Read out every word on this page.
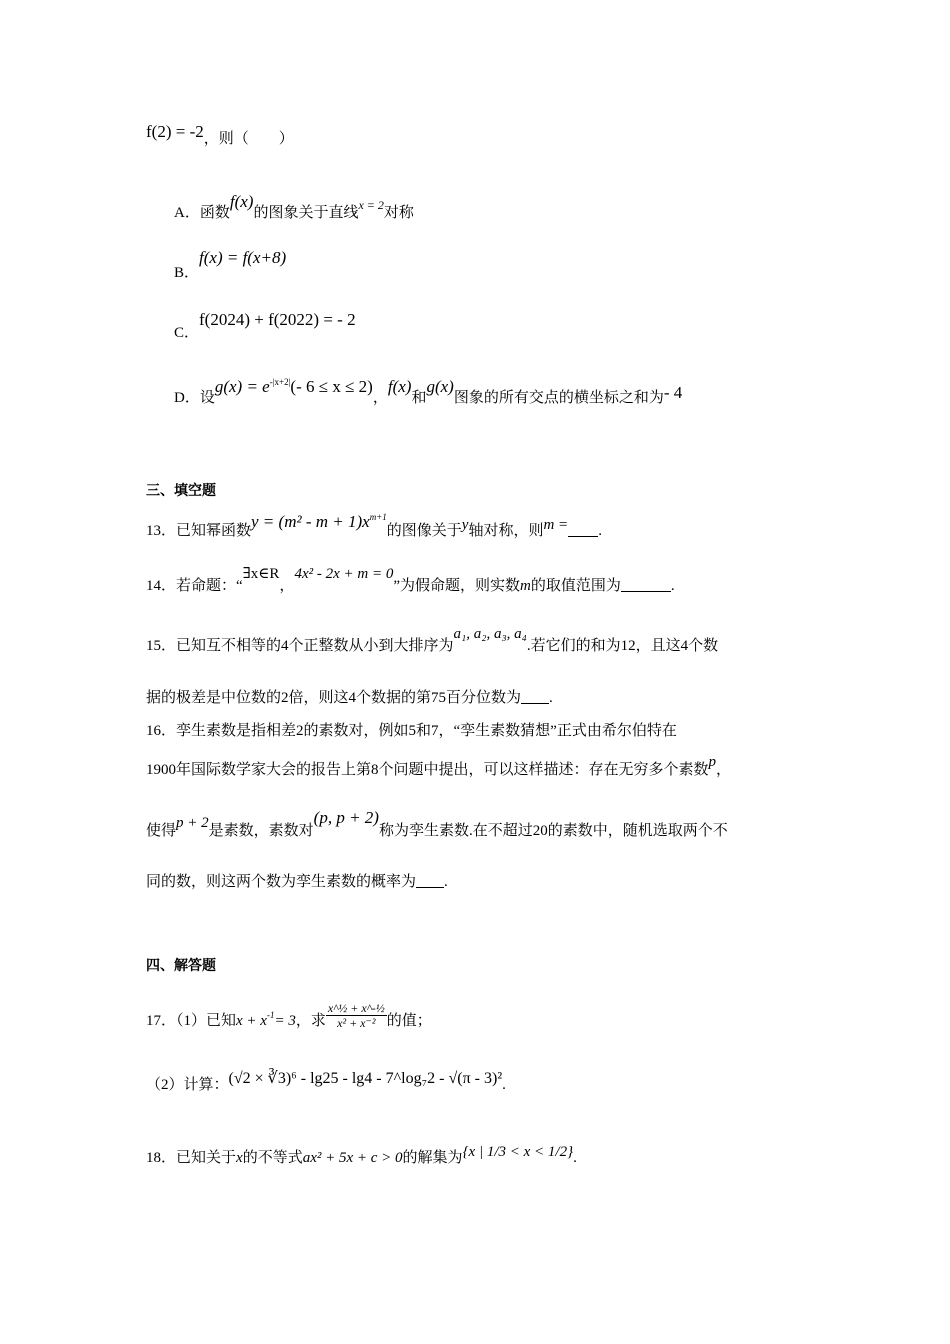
f(2) = -2，则（　　）
A．函数f(x)的图象关于直线$^{x = 2}$对称
B．f(x) = f(x+8)
C．f(2024) + f(2022) = - 2
D．设$g(x) = e^{-|x+2|}(-$ 6 ≤ x ≤ 2)，f(x)和g(x)图象的所有交点的横坐标之和为- 4
三、填空题
13．已知幂函数$y = (m^2 - m + 1)x^{m+1}$的图像关于y轴对称，则m = .
14．若命题：“∃x∈R，4x² - 2x + m = 0”为假命题，则实数m的取值范围为	.
15．已知互不相等的4个正整数从小到大排序为a₁, a₂, a₃, a₄.若它们的和为12，且这4个数
据的极差是中位数的2倍，则这4个数据的第75百分位数为 .
16．孪生素数是指相差2的素数对，例如5和7，“孪生素数猜想”正式由希尔伯特在
1900年国际数学家大会的报告上第8个问题中提出，可以这样描述：存在无穷多个素数p，
使得p + 2是素数，素数对(p, p + 2)称为孪生素数.在不超过20的素数中，随机选取两个不
同的数，则这两个数为孪生素数的概率为 .
四、解答题
17．（1）已知$x + x^{-1}= 3$，求 $\frac{\text{x\textasciicircum{}½ + x\textasciicircum{}-½}}{\text{x² + x⁻²}}$ 的值；
（2）计算：(√2 × ∛3)⁶ - lg25 - lg4 - 7^log₇2 - √(π - 3)².
18．已知关于x的不等式ax² + 5x + c > 0的解集为{x | 1/3 < x < 1/2}.
